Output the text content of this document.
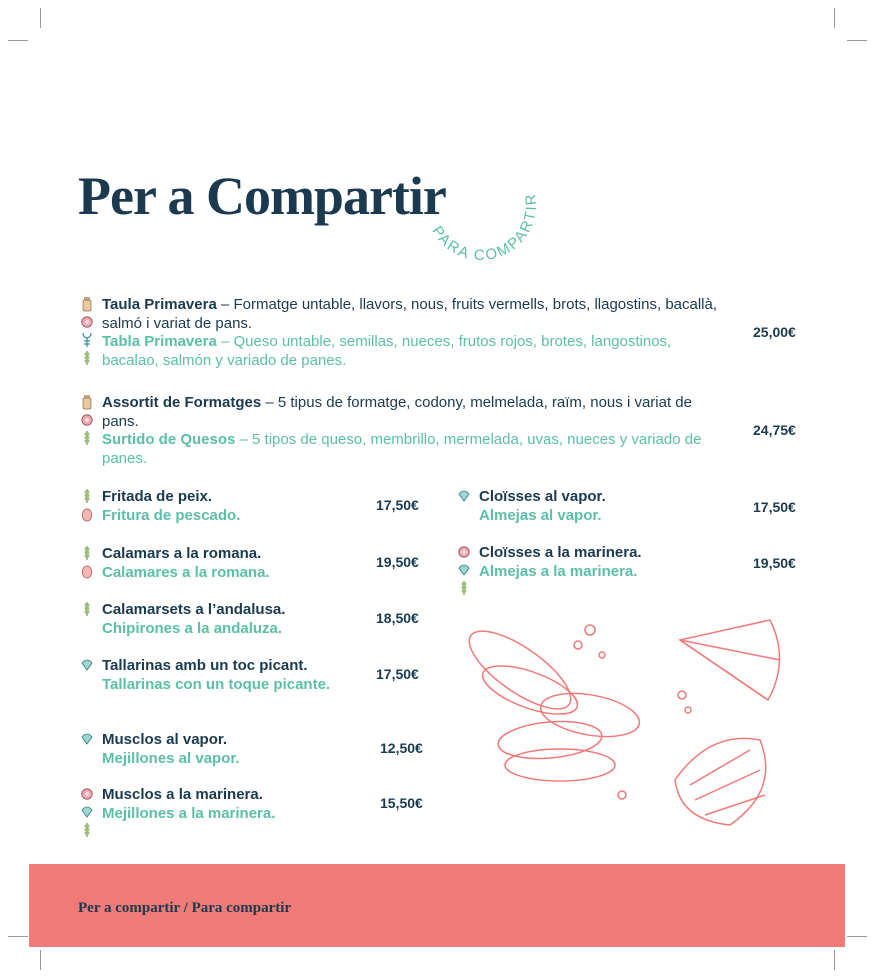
Per a Compartir
PARA COMPARTIR
Taula Primavera – Formatge untable, llavors, nous, fruits vermells, brots, llagostins, bacallà, salmó i variat de pans.
Tabla Primavera – Queso untable, semillas, nueces, frutos rojos, brotes, langostinos, bacalao, salmón y variado de panes.
25,00€
Assortit de Formatges – 5 tipus de formatge, codony, melmelada, raïm, nous i variat de pans.
Surtido de Quesos – 5 tipos de queso, membrillo, mermelada, uvas, nueces y variado de panes.
24,75€
Fritada de peix.
Fritura de pescado.
17,50€
Calamars a la romana.
Calamares a la romana.
19,50€
Calamarsets a l’andalusa.
Chipirones a la andaluza.
18,50€
Tallarinas amb un toc picant.
Tallarinas con un toque picante.
17,50€
Musclos al vapor.
Mejillones al vapor.
12,50€
Musclos a la marinera.
Mejillones a la marinera.
15,50€
Cloïsses al vapor.
Almejas al vapor.	17,50€
Cloïsses a la marinera.
Almejas a la marinera.	19,50€
Per a compartir / Para compartir
